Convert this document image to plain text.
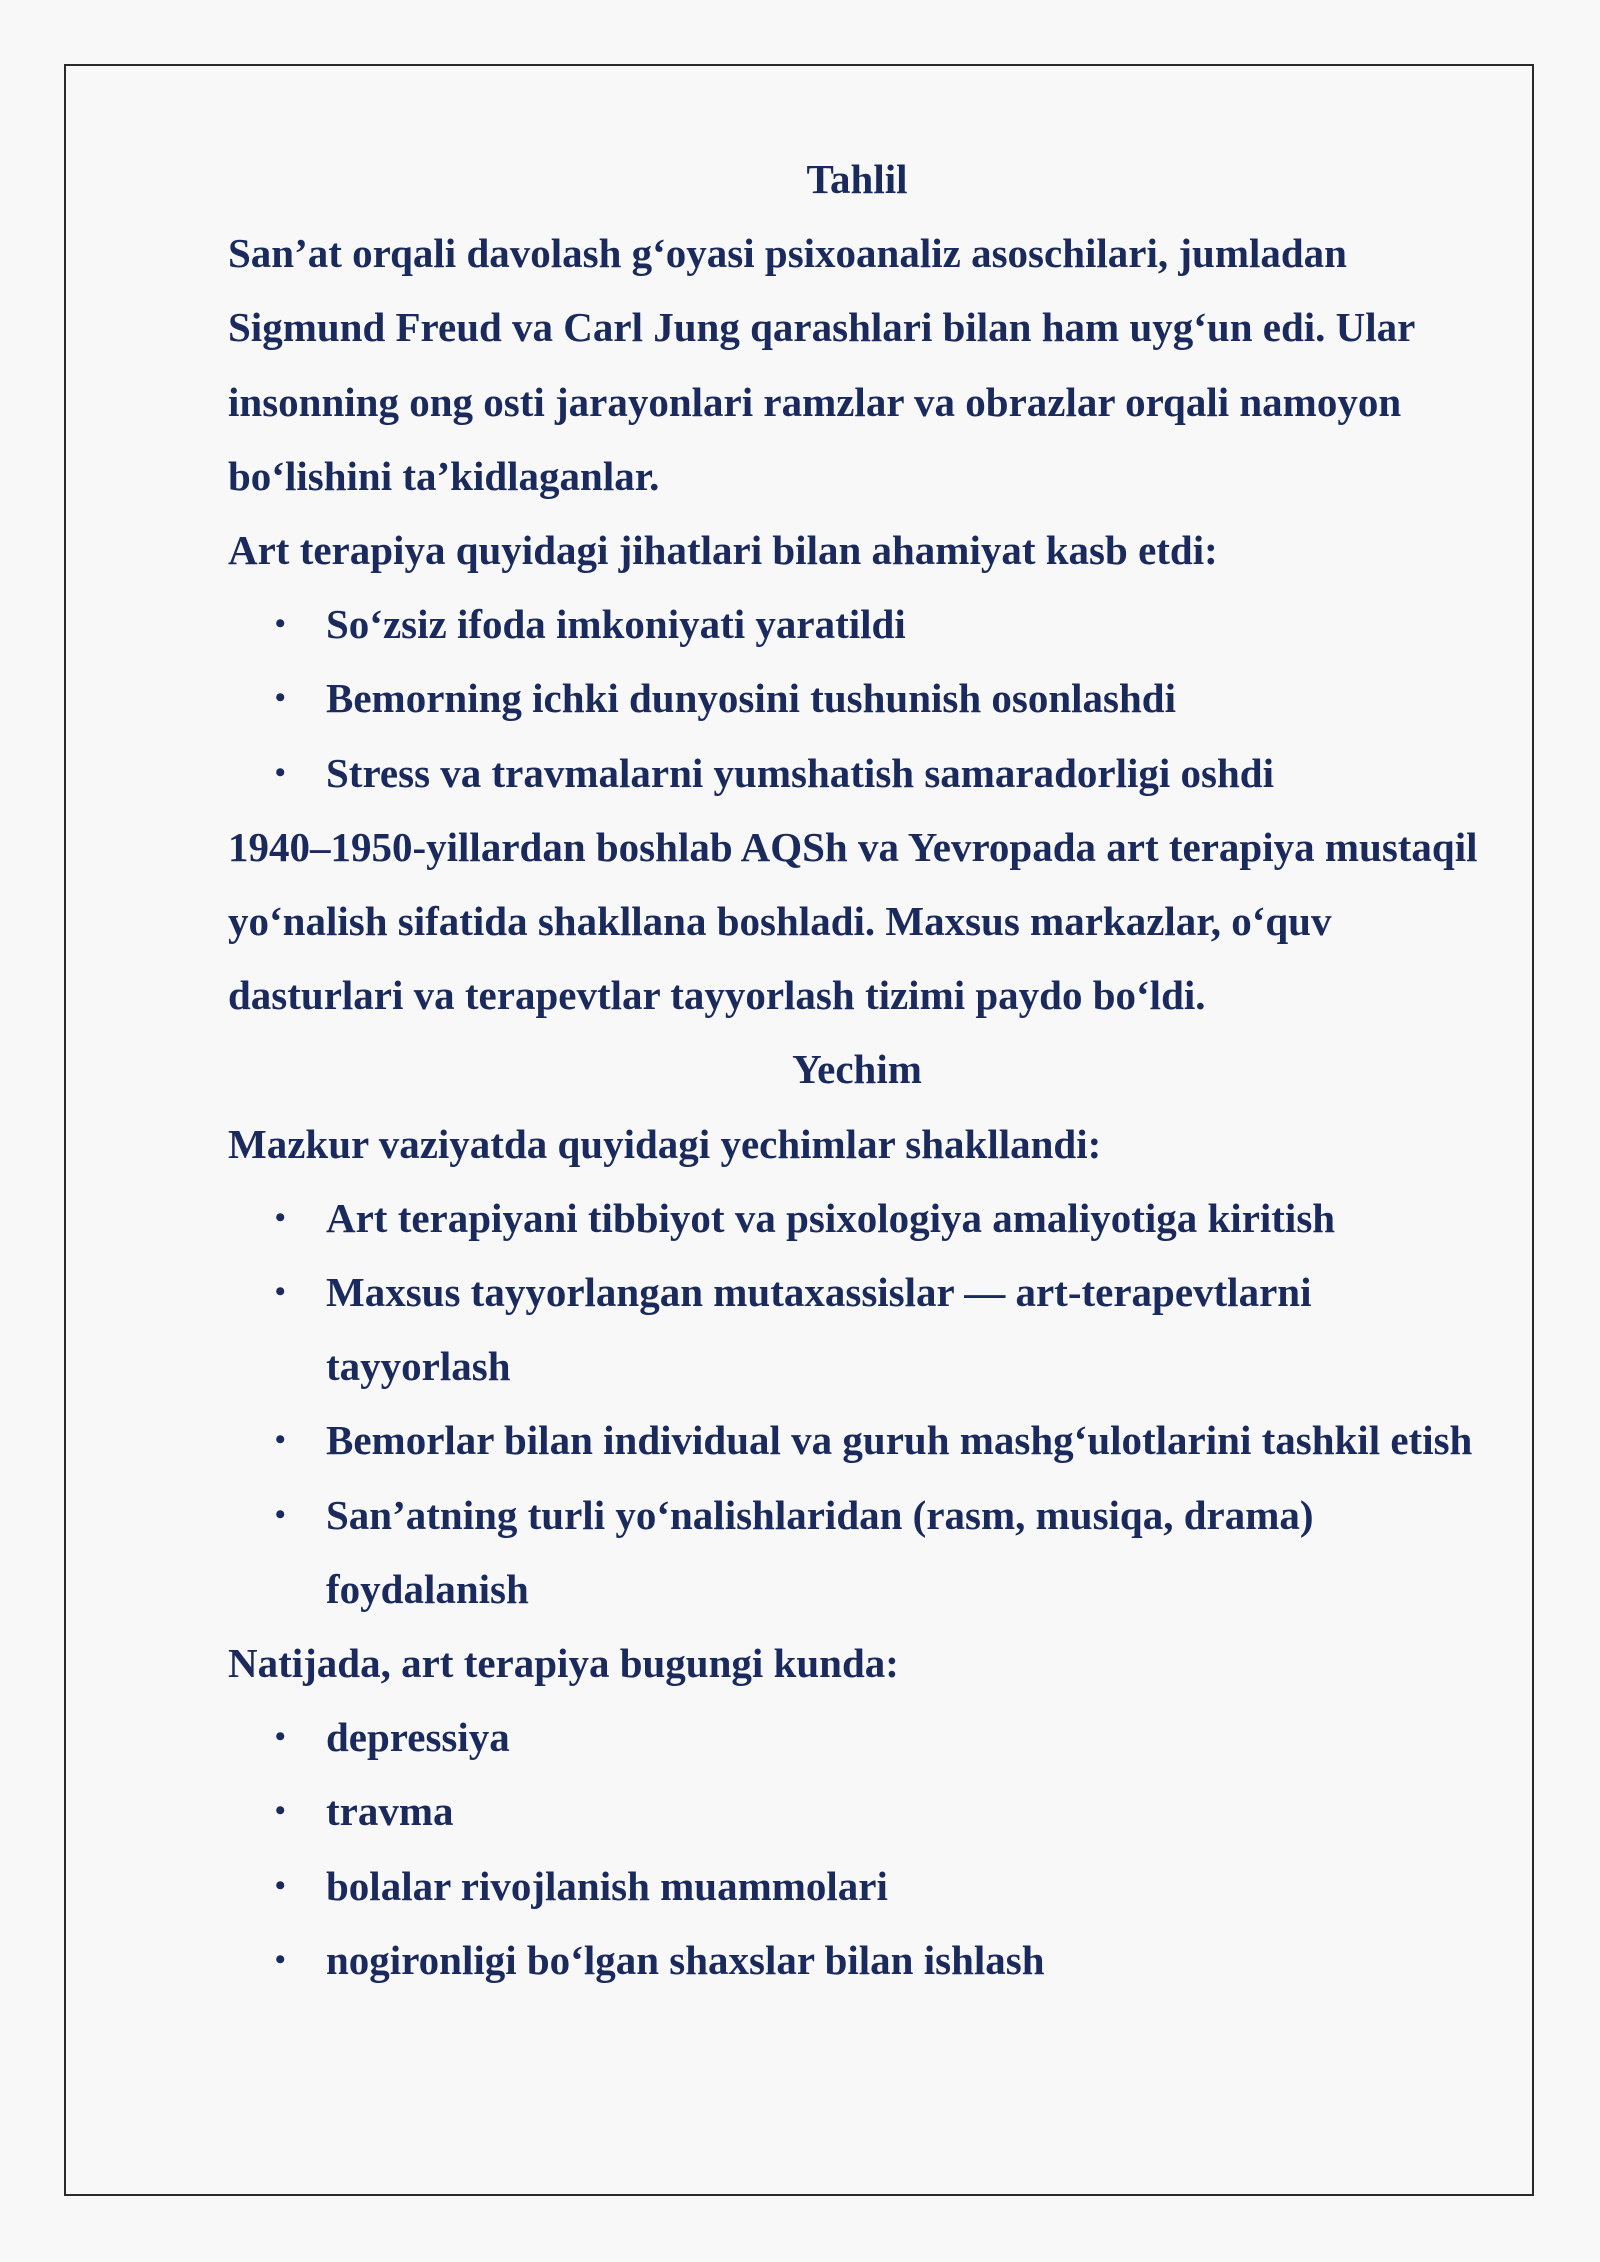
Tahlil

San’at orqali davolash g‘oyasi psixoanaliz asoschilari, jumladan Sigmund Freud va Carl Jung qarashlari bilan ham uyg‘un edi. Ular insonning ong osti jarayonlari ramzlar va obrazlar orqali namoyon bo‘lishini ta’kidlaganlar.

Art terapiya quyidagi jihatlari bilan ahamiyat kasb etdi:

• So‘zsiz ifoda imkoniyati yaratildi
• Bemorning ichki dunyosini tushunish osonlashdi
• Stress va travmalarni yumshatish samaradorligi oshdi

1940–1950-yillardan boshlab AQSh va Yevropada art terapiya mustaqil yo‘nalish sifatida shakllana boshladi. Maxsus markazlar, o‘quv dasturlari va terapevtlar tayyorlash tizimi paydo bo‘ldi.

Yechim

Mazkur vaziyatda quyidagi yechimlar shakllandi:

• Art terapiyani tibbiyot va psixologiya amaliyotiga kiritish
• Maxsus tayyorlangan mutaxassislar — art-terapevtlarni tayyorlash
• Bemorlar bilan individual va guruh mashg‘ulotlarini tashkil etish
• San’atning turli yo‘nalishlaridan (rasm, musiqa, drama) foydalanish

Natijada, art terapiya bugungi kunda:

• depressiya
• travma
• bolalar rivojlanish muammolari
• nogironligi bo‘lgan shaxslar bilan ishlash
